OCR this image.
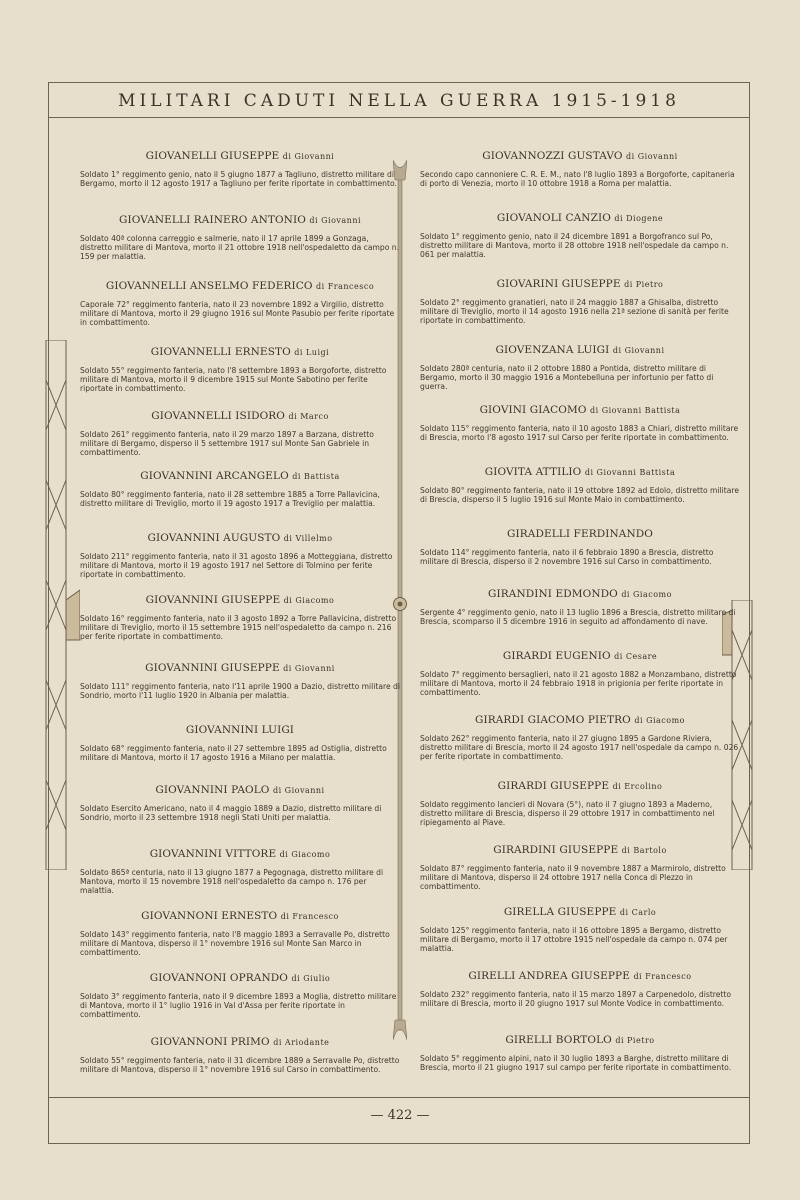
MILITARI CADUTI NELLA GUERRA 1915-1918
GIOVANELLI GIUSEPPE di Giovanni
Soldato 1° reggimento genio, nato il 5 giugno 1877 a Tagliuno, distretto militare di Bergamo, morto il 12 agosto 1917 a Tagliuno per ferite riportate in combattimento.
GIOVANELLI RAINERO ANTONIO di Giovanni
Soldato 40ª colonna carreggio e salmerie, nato il 17 aprile 1899 a Gonzaga, distretto militare di Mantova, morto il 21 ottobre 1918 nell'ospedaletto da campo n. 159 per malattia.
GIOVANNELLI ANSELMO FEDERICO di Francesco
Caporale 72° reggimento fanteria, nato il 23 novembre 1892 a Virgilio, distretto militare di Mantova, morto il 29 giugno 1916 sul Monte Pasubio per ferite riportate in combattimento.
GIOVANNELLI ERNESTO di Luigi
Soldato 55° reggimento fanteria, nato l'8 settembre 1893 a Borgoforte, distretto militare di Mantova, morto il 9 dicembre 1915 sul Monte Sabotino per ferite riportate in combattimento.
GIOVANNELLI ISIDORO di Marco
Soldato 261° reggimento fanteria, nato il 29 marzo 1897 a Barzana, distretto militare di Bergamo, disperso il 5 settembre 1917 sul Monte San Gabriele in combattimento.
GIOVANNINI ARCANGELO di Battista
Soldato 80° reggimento fanteria, nato il 28 settembre 1885 a Torre Pallavicina, distretto militare di Treviglio, morto il 19 agosto 1917 a Treviglio per malattia.
GIOVANNINI AUGUSTO di Villelmo
Soldato 211° reggimento fanteria, nato il 31 agosto 1896 a Motteggiana, distretto militare di Mantova, morto il 19 agosto 1917 nel Settore di Tolmino per ferite riportate in combattimento.
GIOVANNINI GIUSEPPE di Giacomo
Soldato 16° reggimento fanteria, nato il 3 agosto 1892 a Torre Pallavicina, distretto militare di Treviglio, morto il 15 settembre 1915 nell'ospedaletto da campo n. 216 per ferite riportate in combattimento.
GIOVANNINI GIUSEPPE di Giovanni
Soldato 111° reggimento fanteria, nato l'11 aprile 1900 a Dazio, distretto militare di Sondrio, morto l'11 luglio 1920 in Albania per malattia.
GIOVANNINI LUIGI
Soldato 68° reggimento fanteria, nato il 27 settembre 1895 ad Ostiglia, distretto militare di Mantova, morto il 17 agosto 1916 a Milano per malattia.
GIOVANNINI PAOLO di Giovanni
Soldato Esercito Americano, nato il 4 maggio 1889 a Dazio, distretto militare di Sondrio, morto il 23 settembre 1918 negli Stati Uniti per malattia.
GIOVANNINI VITTORE di Giacomo
Soldato 865ª centuria, nato il 13 giugno 1877 a Pegognaga, distretto militare di Mantova, morto il 15 novembre 1918 nell'ospedaletto da campo n. 176 per malattia.
GIOVANNONI ERNESTO di Francesco
Soldato 143° reggimento fanteria, nato l'8 maggio 1893 a Serravalle Po, distretto militare di Mantova, disperso il 1° novembre 1916 sul Monte San Marco in combattimento.
GIOVANNONI OPRANDO di Giulio
Soldato 3° reggimento fanteria, nato il 9 dicembre 1893 a Moglia, distretto militare di Mantova, morto il 1° luglio 1916 in Val d'Assa per ferite riportate in combattimento.
GIOVANNONI PRIMO di Ariodante
Soldato 55° reggimento fanteria, nato il 31 dicembre 1889 a Serravalle Po, distretto militare di Mantova, disperso il 1° novembre 1916 sul Carso in combattimento.
GIOVANNOZZI GUSTAVO di Giovanni
Secondo capo cannoniere C. R. E. M., nato l'8 luglio 1893 a Borgoforte, capitaneria di porto di Venezia, morto il 10 ottobre 1918 a Roma per malattia.
GIOVANOLI CANZIO di Diogene
Soldato 1° reggimento genio, nato il 24 dicembre 1891 a Borgofranco sul Po, distretto militare di Mantova, morto il 28 ottobre 1918 nell'ospedale da campo n. 061 per malattia.
GIOVARINI GIUSEPPE di Pietro
Soldato 2° reggimento granatieri, nato il 24 maggio 1887 a Ghisalba, distretto militare di Treviglio, morto il 14 agosto 1916 nella 21ª sezione di sanità per ferite riportate in combattimento.
GIOVENZANA LUIGI di Giovanni
Soldato 280ª centuria, nato il 2 ottobre 1880 a Pontida, distretto militare di Bergamo, morto il 30 maggio 1916 a Montebelluna per infortunio per fatto di guerra.
GIOVINI GIACOMO di Giovanni Battista
Soldato 115° reggimento fanteria, nato il 10 agosto 1883 a Chiari, distretto militare di Brescia, morto l'8 agosto 1917 sul Carso per ferite riportate in combattimento.
GIOVITA ATTILIO di Giovanni Battista
Soldato 80° reggimento fanteria, nato il 19 ottobre 1892 ad Edolo, distretto militare di Brescia, disperso il 5 luglio 1916 sul Monte Maio in combattimento.
GIRADELLI FERDINANDO
Soldato 114° reggimento fanteria, nato il 6 febbraio 1890 a Brescia, distretto militare di Brescia, disperso il 2 novembre 1916 sul Carso in combattimento.
GIRANDINI EDMONDO di Giacomo
Sergente 4° reggimento genio, nato il 13 luglio 1896 a Brescia, distretto militare di Brescia, scomparso il 5 dicembre 1916 in seguito ad affondamento di nave.
GIRARDI EUGENIO di Cesare
Soldato 7° reggimento bersaglieri, nato il 21 agosto 1882 a Monzambano, distretto militare di Mantova, morto il 24 febbraio 1918 in prigionia per ferite riportate in combattimento.
GIRARDI GIACOMO PIETRO di Giacomo
Soldato 262° reggimento fanteria, nato il 27 giugno 1895 a Gardone Riviera, distretto militare di Brescia, morto il 24 agosto 1917 nell'ospedale da campo n. 026 per ferite riportate in combattimento.
GIRARDI GIUSEPPE di Ercolino
Soldato reggimento lancieri di Novara (5°), nato il 7 giugno 1893 a Maderno, distretto militare di Brescia, disperso il 29 ottobre 1917 in combattimento nel ripiegamento al Piave.
GIRARDINI GIUSEPPE di Bartolo
Soldato 87° reggimento fanteria, nato il 9 novembre 1887 a Marmirolo, distretto militare di Mantova, disperso il 24 ottobre 1917 nella Conca di Plezzo in combattimento.
GIRELLA GIUSEPPE di Carlo
Soldato 125° reggimento fanteria, nato il 16 ottobre 1895 a Bergamo, distretto militare di Bergamo, morto il 17 ottobre 1915 nell'ospedale da campo n. 074 per malattia.
GIRELLI ANDREA GIUSEPPE di Francesco
Soldato 232° reggimento fanteria, nato il 15 marzo 1897 a Carpenedolo, distretto militare di Brescia, morto il 20 giugno 1917 sul Monte Vodice in combattimento.
GIRELLI BORTOLO di Pietro
Soldato 5° reggimento alpini, nato il 30 luglio 1893 a Barghe, distretto militare di Brescia, morto il 21 giugno 1917 sul campo per ferite riportate in combattimento.
— 422 —
